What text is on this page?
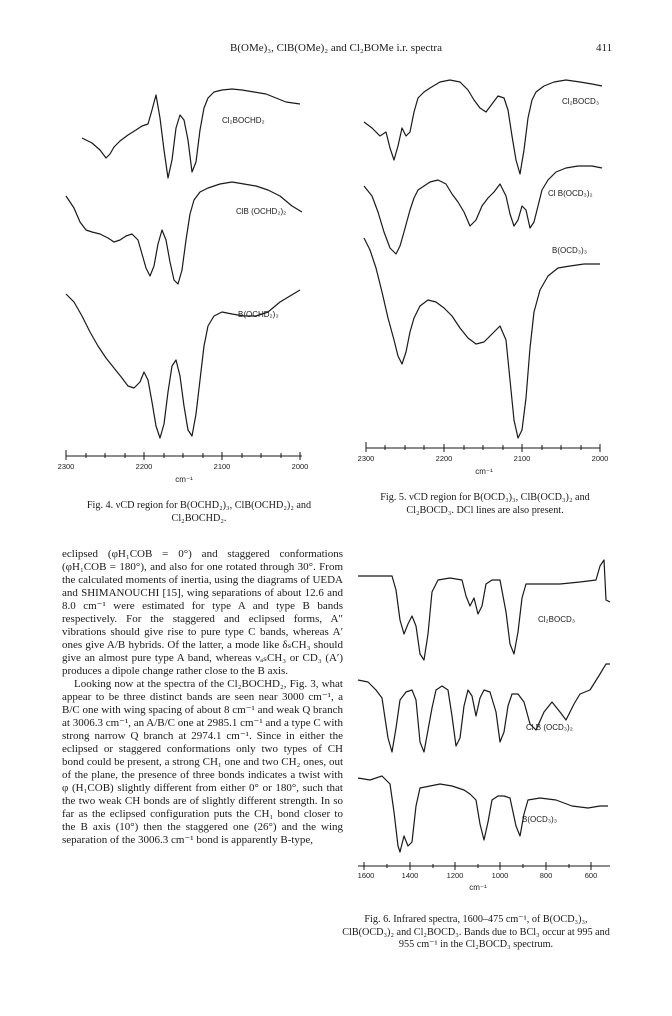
B(OMe)₃, ClB(OMe)₂ and Cl₂BOMe i.r. spectra	411
Cl₂BOCHD₂
ClB (OCHD₂)₂
B(OCHD₂)₃
2300	2200	2100	2000
cm⁻¹
Cl₂BOCD₃
Cl B(OCD₃)₂
B(OCD₃)₃
2300	2200	2100	2000
cm⁻¹
Cl₂BOCD₃
Cl B (OCD₃)₂
B(OCD₃)₃
1600	1400	1200	1000	800	600
cm⁻¹
Fig. 4. νCD region for B(OCHD₂)₃, ClB(OCHD₂)₂ and Cl₂BOCHD₂.
Fig. 5. νCD region for B(OCD₃)₃, ClB(OCD₃)₂ and Cl₂BOCD₃. DCl lines are also present.
Fig. 6. Infrared spectra, 1600–475 cm⁻¹, of B(OCD₃)₃, ClB(OCD₃)₂ and Cl₂BOCD₃. Bands due to BCl₃ occur at 995 and 955 cm⁻¹ in the Cl₂BOCD₃ spectrum.

eclipsed (φH₁COB = 0°) and staggered conformations (φH₁COB = 180°), and also for one rotated through 30°. From the calculated moments of inertia, using the diagrams of UEDA and SHIMANOUCHI [15], wing separations of about 12.6 and 8.0 cm⁻¹ were estimated for type A and type B bands respectively. For the staggered and eclipsed forms, A″ vibrations should give rise to pure type C bands, whereas A′ ones give A/B hybrids. Of the latter, a mode like δₛCH₃ should give an almost pure type A band, whereas νₐₛCH₃ or CD₃ (A′) produces a dipole change rather close to the B axis.

Looking now at the spectra of the Cl₂BOCHD₂, Fig. 3, what appear to be three distinct bands are seen near 3000 cm⁻¹, a B/C one with wing spacing of about 8 cm⁻¹ and weak Q branch at 3006.3 cm⁻¹, an A/B/C one at 2985.1 cm⁻¹ and a type C with strong narrow Q branch at 2974.1 cm⁻¹. Since in either the eclipsed or staggered conformations only two types of CH bond could be present, a strong CH₁ one and two CH₂ ones, out of the plane, the presence of three bonds indicates a twist with φ (H₁COB) slightly different from either 0° or 180°, such that the two weak CH bonds are of slightly different strength. In so far as the eclipsed configuration puts the CH₁ bond closer to the B axis (10°) then the staggered one (26°) and the wing separation of the 3006.3 cm⁻¹ bond is apparently B-type,
